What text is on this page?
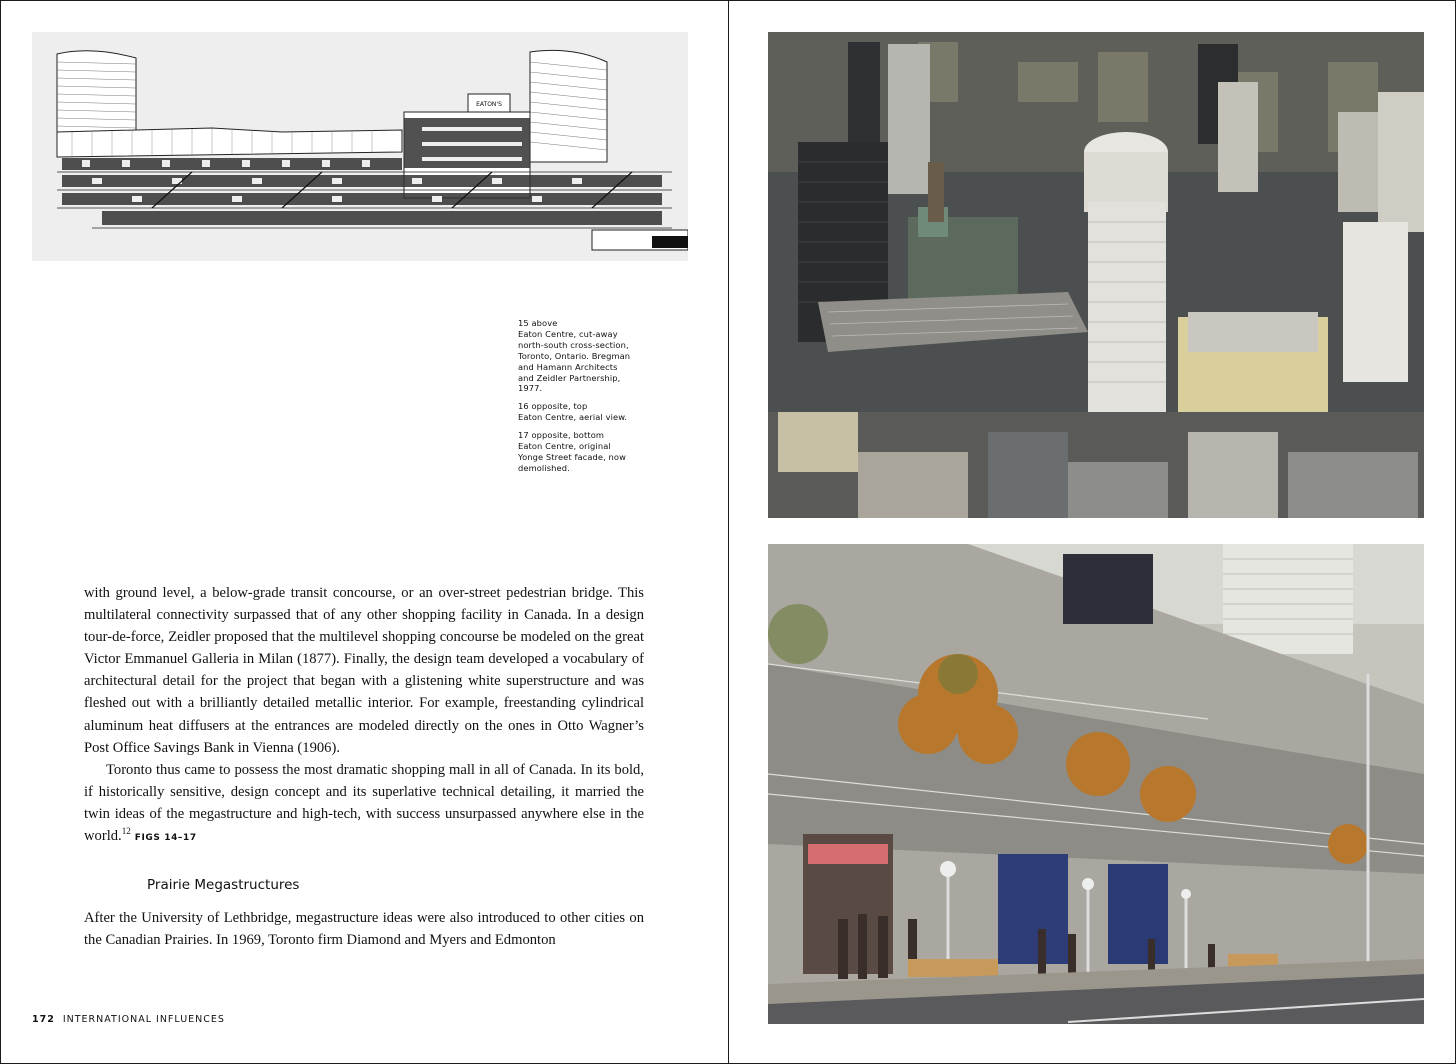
EATON'S
15 above
Eaton Centre, cut-away
north-south cross-section,
Toronto, Ontario. Bregman
and Hamann Architects
and Zeidler Partnership,
1977.
16 opposite, top
Eaton Centre, aerial view.
17 opposite, bottom
Eaton Centre, original
Yonge Street facade, now
demolished.

with ground level, a below-grade transit concourse, or an over-street pedestrian bridge. This multilateral connectivity surpassed that of any other shopping facility in Canada. In a design tour-de-force, Zeidler proposed that the multilevel shopping concourse be modeled on the great Victor Emmanuel Galleria in Milan (1877). Finally, the design team developed a vocabulary of architectural detail for the project that began with a glistening white superstructure and was fleshed out with a brilliantly detailed metallic interior. For example, freestanding cylindrical aluminum heat diffusers at the entrances are modeled directly on the ones in Otto Wagner’s Post Office Savings Bank in Vienna (1906).

Toronto thus came to possess the most dramatic shopping mall in all of Canada. In its bold, if historically sensitive, design concept and its superlative technical detailing, it married the twin ideas of the megastructure and high-tech, with success unsurpassed anywhere else in the world.$^{12}$FIGS 14–17

Prairie Megastructures

After the University of Lethbridge, megastructure ideas were also introduced to other cities on the Canadian Prairies. In 1969, Toronto firm Diamond and Myers and Edmonton

172 INTERNATIONAL INFLUENCES
